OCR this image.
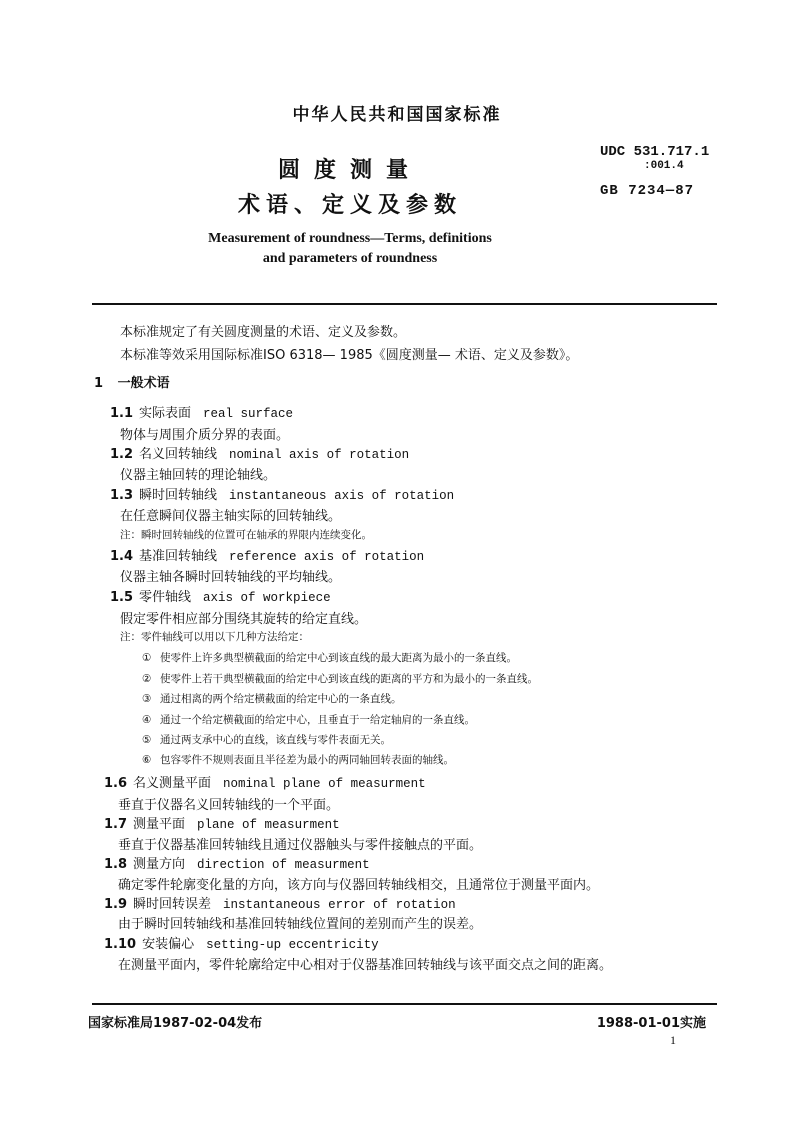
中华人民共和国国家标准
圆度测量
术语、定义及参数
Measurement of roundness—Terms, definitions
and parameters of roundness
UDC 531.717.1
:001.4
GB 7234—87
本标准规定了有关圆度测量的术语、定义及参数。
本标准等效采用国际标准ISO 6318— 1985《圆度测量— 术语、定义及参数》。
1 一般术语
1.1 实际表面 real surface
物体与周围介质分界的表面。
1.2 名义回转轴线 nominal axis of rotation
仪器主轴回转的理论轴线。
1.3 瞬时回转轴线 instantaneous axis of rotation
在任意瞬间仪器主轴实际的回转轴线。
注：瞬时回转轴线的位置可在轴承的界限内连续变化。
1.4 基准回转轴线 reference axis of rotation
仪器主轴各瞬时回转轴线的平均轴线。
1.5 零件轴线 axis of workpiece
假定零件相应部分围绕其旋转的给定直线。
注：零件轴线可以用以下几种方法给定：
① 使零件上许多典型横截面的给定中心到该直线的最大距离为最小的一条直线。
② 使零件上若干典型横截面的给定中心到该直线的距离的平方和为最小的一条直线。
③ 通过相离的两个给定横截面的给定中心的一条直线。
④ 通过一个给定横截面的给定中心，且垂直于一给定轴肩的一条直线。
⑤ 通过两支承中心的直线，该直线与零件表面无关。
⑥ 包容零件不规则表面且半径差为最小的两同轴回转表面的轴线。
1.6 名义测量平面 nominal plane of measurment
垂直于仪器名义回转轴线的一个平面。
1.7 测量平面 plane of measurment
垂直于仪器基准回转轴线且通过仪器触头与零件接触点的平面。
1.8 测量方向 direction of measurment
确定零件轮廓变化量的方向，该方向与仪器回转轴线相交，且通常位于测量平面内。
1.9 瞬时回转误差 instantaneous error of rotation
由于瞬时回转轴线和基准回转轴线位置间的差别而产生的误差。
1.10 安装偏心 setting-up eccentricity
在测量平面内，零件轮廓给定中心相对于仪器基准回转轴线与该平面交点之间的距离。
国家标准局1987-02-04发布	1988-01-01实施
1
